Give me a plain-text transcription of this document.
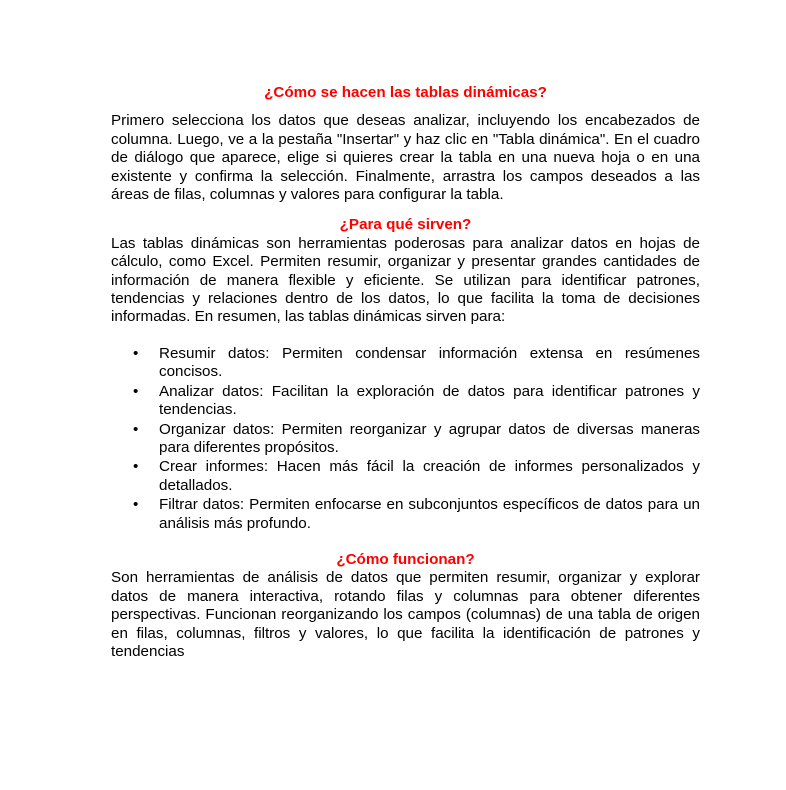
¿Cómo se hacen las tablas dinámicas?

Primero selecciona los datos que deseas analizar, incluyendo los encabezados de columna. Luego, ve a la pestaña "Insertar" y haz clic en "Tabla dinámica". En el cuadro de diálogo que aparece, elige si quieres crear la tabla en una nueva hoja o en una existente y confirma la selección. Finalmente, arrastra los campos deseados a las áreas de filas, columnas y valores para configurar la tabla.

¿Para qué sirven?

Las tablas dinámicas son herramientas poderosas para analizar datos en hojas de cálculo, como Excel. Permiten resumir, organizar y presentar grandes cantidades de información de manera flexible y eficiente. Se utilizan para identificar patrones, tendencias y relaciones dentro de los datos, lo que facilita la toma de decisiones informadas. En resumen, las tablas dinámicas sirven para:

• Resumir datos: Permiten condensar información extensa en resúmenes concisos.
• Analizar datos: Facilitan la exploración de datos para identificar patrones y tendencias.
• Organizar datos: Permiten reorganizar y agrupar datos de diversas maneras para diferentes propósitos.
• Crear informes: Hacen más fácil la creación de informes personalizados y detallados.
• Filtrar datos: Permiten enfocarse en subconjuntos específicos de datos para un análisis más profundo.

¿Cómo funcionan?

Son herramientas de análisis de datos que permiten resumir, organizar y explorar datos de manera interactiva, rotando filas y columnas para obtener diferentes perspectivas. Funcionan reorganizando los campos (columnas) de una tabla de origen en filas, columnas, filtros y valores, lo que facilita la identificación de patrones y tendencias
